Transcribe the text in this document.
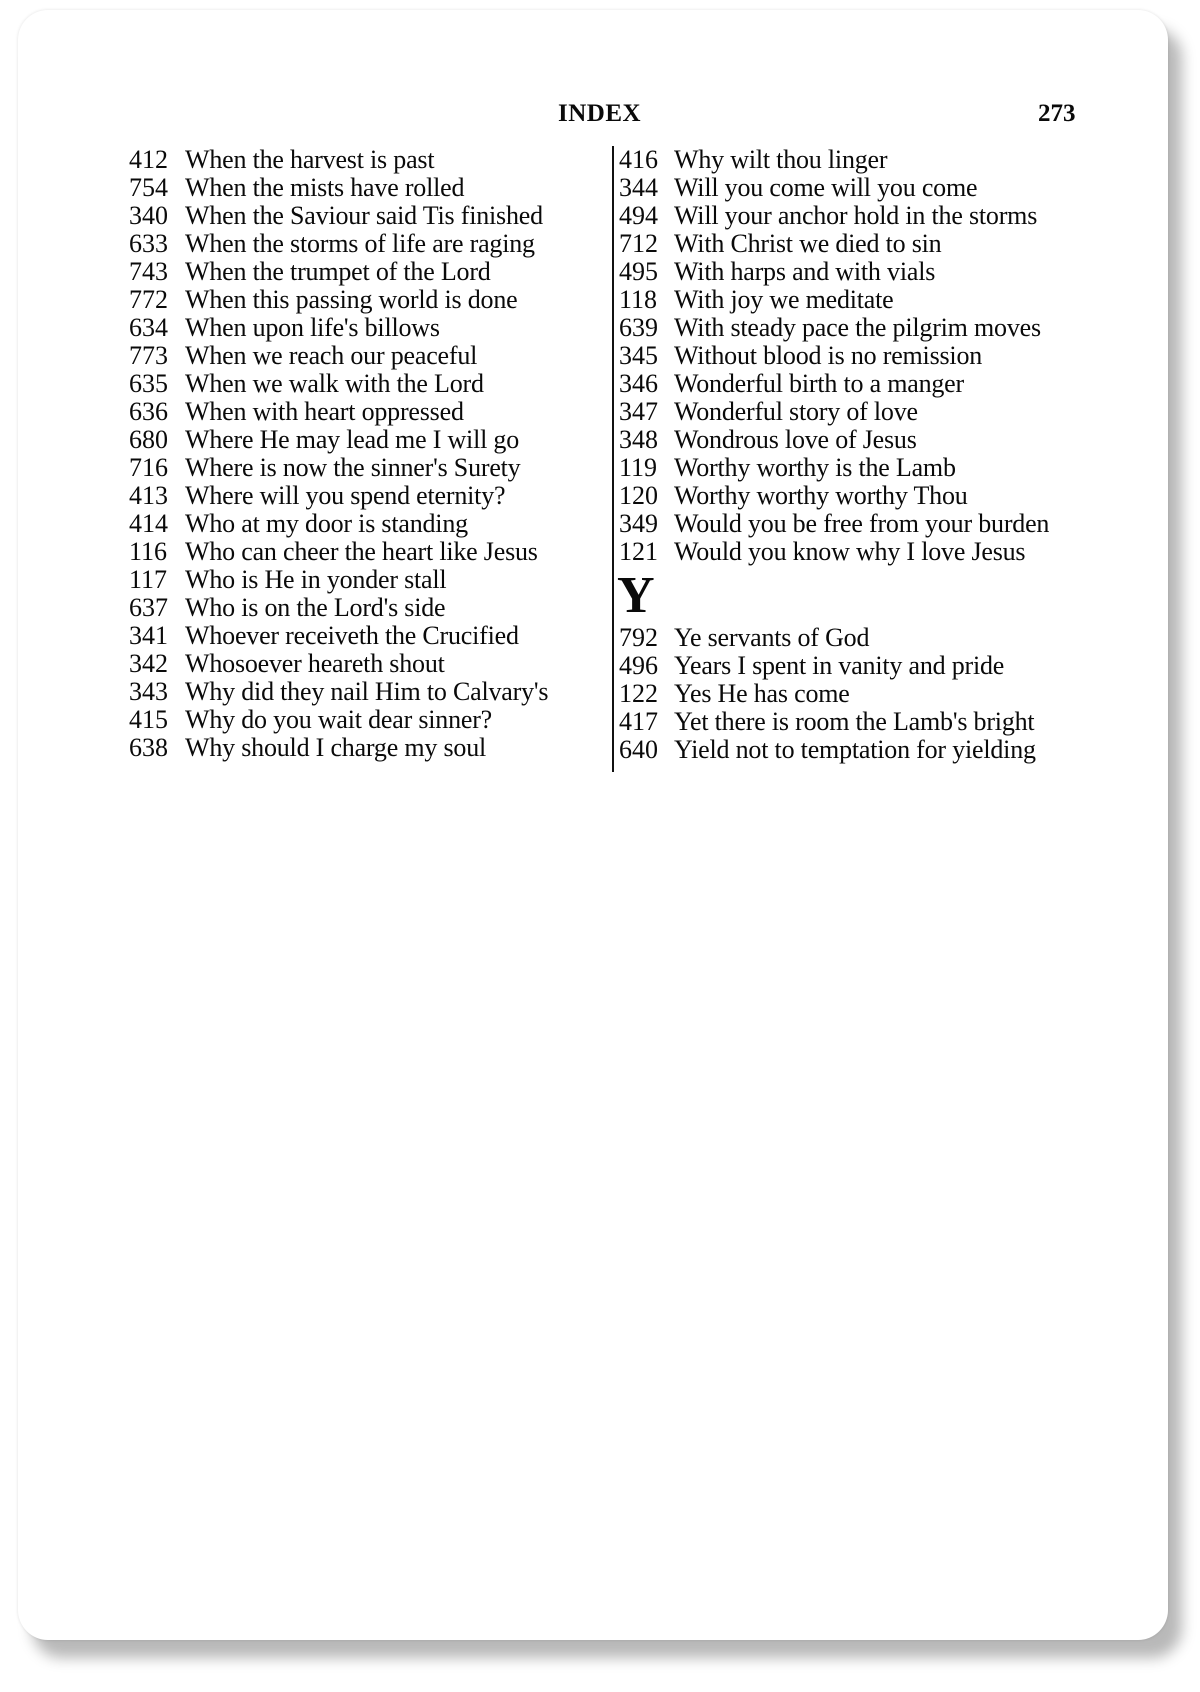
INDEX	273
412 When the harvest is past
754 When the mists have rolled
340 When the Saviour said Tis finished
633 When the storms of life are raging
743 When the trumpet of the Lord
772 When this passing world is done
634 When upon life's billows
773 When we reach our peaceful
635 When we walk with the Lord
636 When with heart oppressed
680 Where He may lead me I will go
716 Where is now the sinner's Surety
413 Where will you spend eternity?
414 Who at my door is standing
116 Who can cheer the heart like Jesus
117 Who is He in yonder stall
637 Who is on the Lord's side
341 Whoever receiveth the Crucified
342 Whosoever heareth shout
343 Why did they nail Him to Calvary's
415 Why do you wait dear sinner?
638 Why should I charge my soul
416 Why wilt thou linger
344 Will you come will you come
494 Will your anchor hold in the storms
712 With Christ we died to sin
495 With harps and with vials
118 With joy we meditate
639 With steady pace the pilgrim moves
345 Without blood is no remission
346 Wonderful birth to a manger
347 Wonderful story of love
348 Wondrous love of Jesus
119 Worthy worthy is the Lamb
120 Worthy worthy worthy Thou
349 Would you be free from your burden
121 Would you know why I love Jesus
Y
792 Ye servants of God
496 Years I spent in vanity and pride
122 Yes He has come
417 Yet there is room the Lamb's bright
640 Yield not to temptation for yielding
